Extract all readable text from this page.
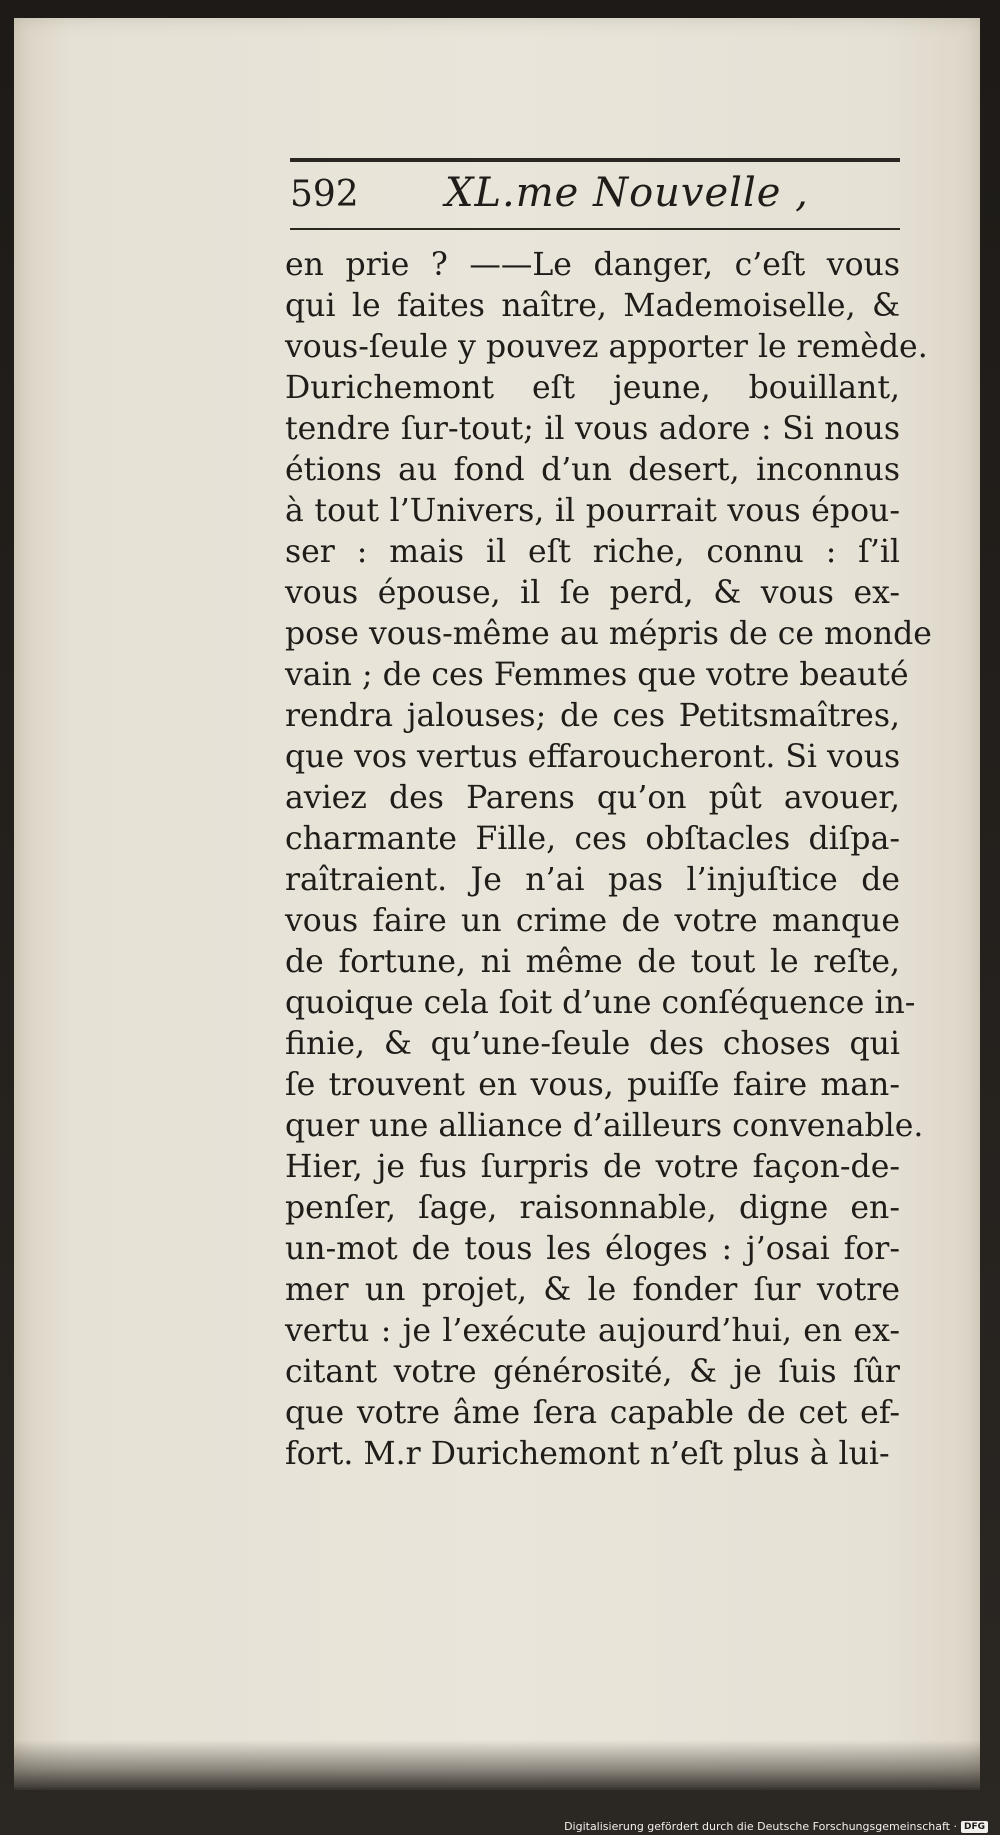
592 XL.me Nouvelle ,
en prie ? ——Le danger, c’eſt vous
qui le faites naître, Mademoiselle, &
vous-ſeule y pouvez apporter le remède.
Durichemont eſt jeune, bouillant,
tendre ſur-tout; il vous adore : Si nous
étions au fond d’un desert, inconnus
à tout l’Univers, il pourrait vous épou-
ser : mais il eſt riche, connu : ſ’il
vous épouse, il ſe perd, & vous ex-
pose vous-même au mépris de ce monde
vain ; de ces Femmes que votre beauté
rendra jalouses; de ces Petitsmaîtres,
que vos vertus effaroucheront. Si vous
aviez des Parens qu’on pût avouer,
charmante Fille, ces obſtacles diſpa-
raîtraient. Je n’ai pas l’injuſtice de
vous faire un crime de votre manque
de fortune, ni même de tout le reſte,
quoique cela ſoit d’une conſéquence in-
finie, & qu’une-ſeule des choses qui
ſe trouvent en vous, puiſſe faire man-
quer une alliance d’ailleurs convenable.
Hier, je fus ſurpris de votre façon-de-
penſer, ſage, raisonnable, digne en-
un-mot de tous les éloges : j’osai for-
mer un projet, & le fonder ſur votre
vertu : je l’exécute aujourd’hui, en ex-
citant votre générosité, & je ſuis ſûr
que votre âme ſera capable de cet ef-
fort. M.r Durichemont n’eſt plus à lui-
Digitalisierung gefördert durch die Deutsche Forschungsgemeinschaft · DFG
